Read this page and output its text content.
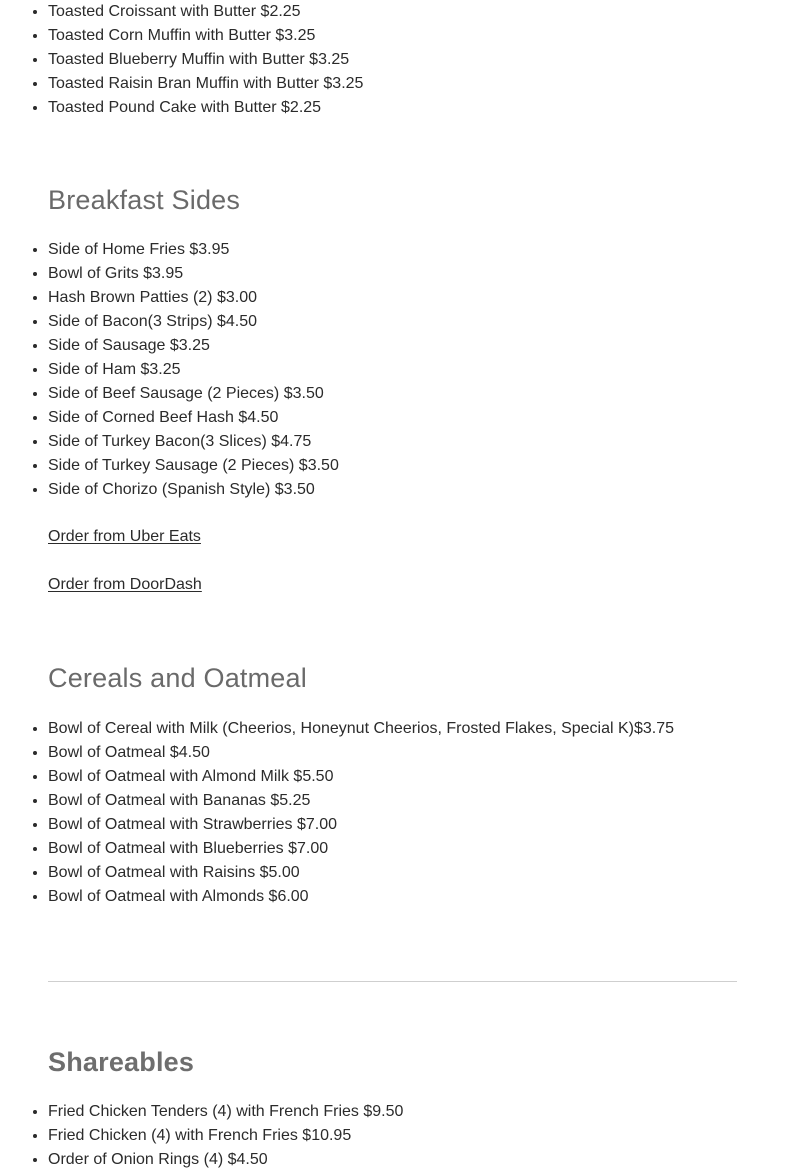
• Toasted Croissant with Butter $2.25
• Toasted Corn Muffin with Butter $3.25
• Toasted Blueberry Muffin with Butter $3.25
• Toasted Raisin Bran Muffin with Butter $3.25
• Toasted Pound Cake with Butter $2.25
Breakfast Sides
• Side of Home Fries $3.95
• Bowl of Grits $3.95
• Hash Brown Patties (2) $3.00
• Side of Bacon(3 Strips) $4.50
• Side of Sausage $3.25
• Side of Ham $3.25
• Side of Beef Sausage (2 Pieces) $3.50
• Side of Corned Beef Hash $4.50
• Side of Turkey Bacon(3 Slices) $4.75
• Side of Turkey Sausage (2 Pieces) $3.50
• Side of Chorizo (Spanish Style) $3.50
Order from Uber Eats
Order from DoorDash
Cereals and Oatmeal
• Bowl of Cereal with Milk (Cheerios, Honeynut Cheerios, Frosted Flakes, Special K)$3.75
• Bowl of Oatmeal $4.50
• Bowl of Oatmeal with Almond Milk $5.50
• Bowl of Oatmeal with Bananas $5.25
• Bowl of Oatmeal with Strawberries $7.00
• Bowl of Oatmeal with Blueberries $7.00
• Bowl of Oatmeal with Raisins $5.00
• Bowl of Oatmeal with Almonds $6.00
Shareables
• Fried Chicken Tenders (4) with French Fries $9.50
• Fried Chicken (4) with French Fries $10.95
• Order of Onion Rings (4) $4.50
